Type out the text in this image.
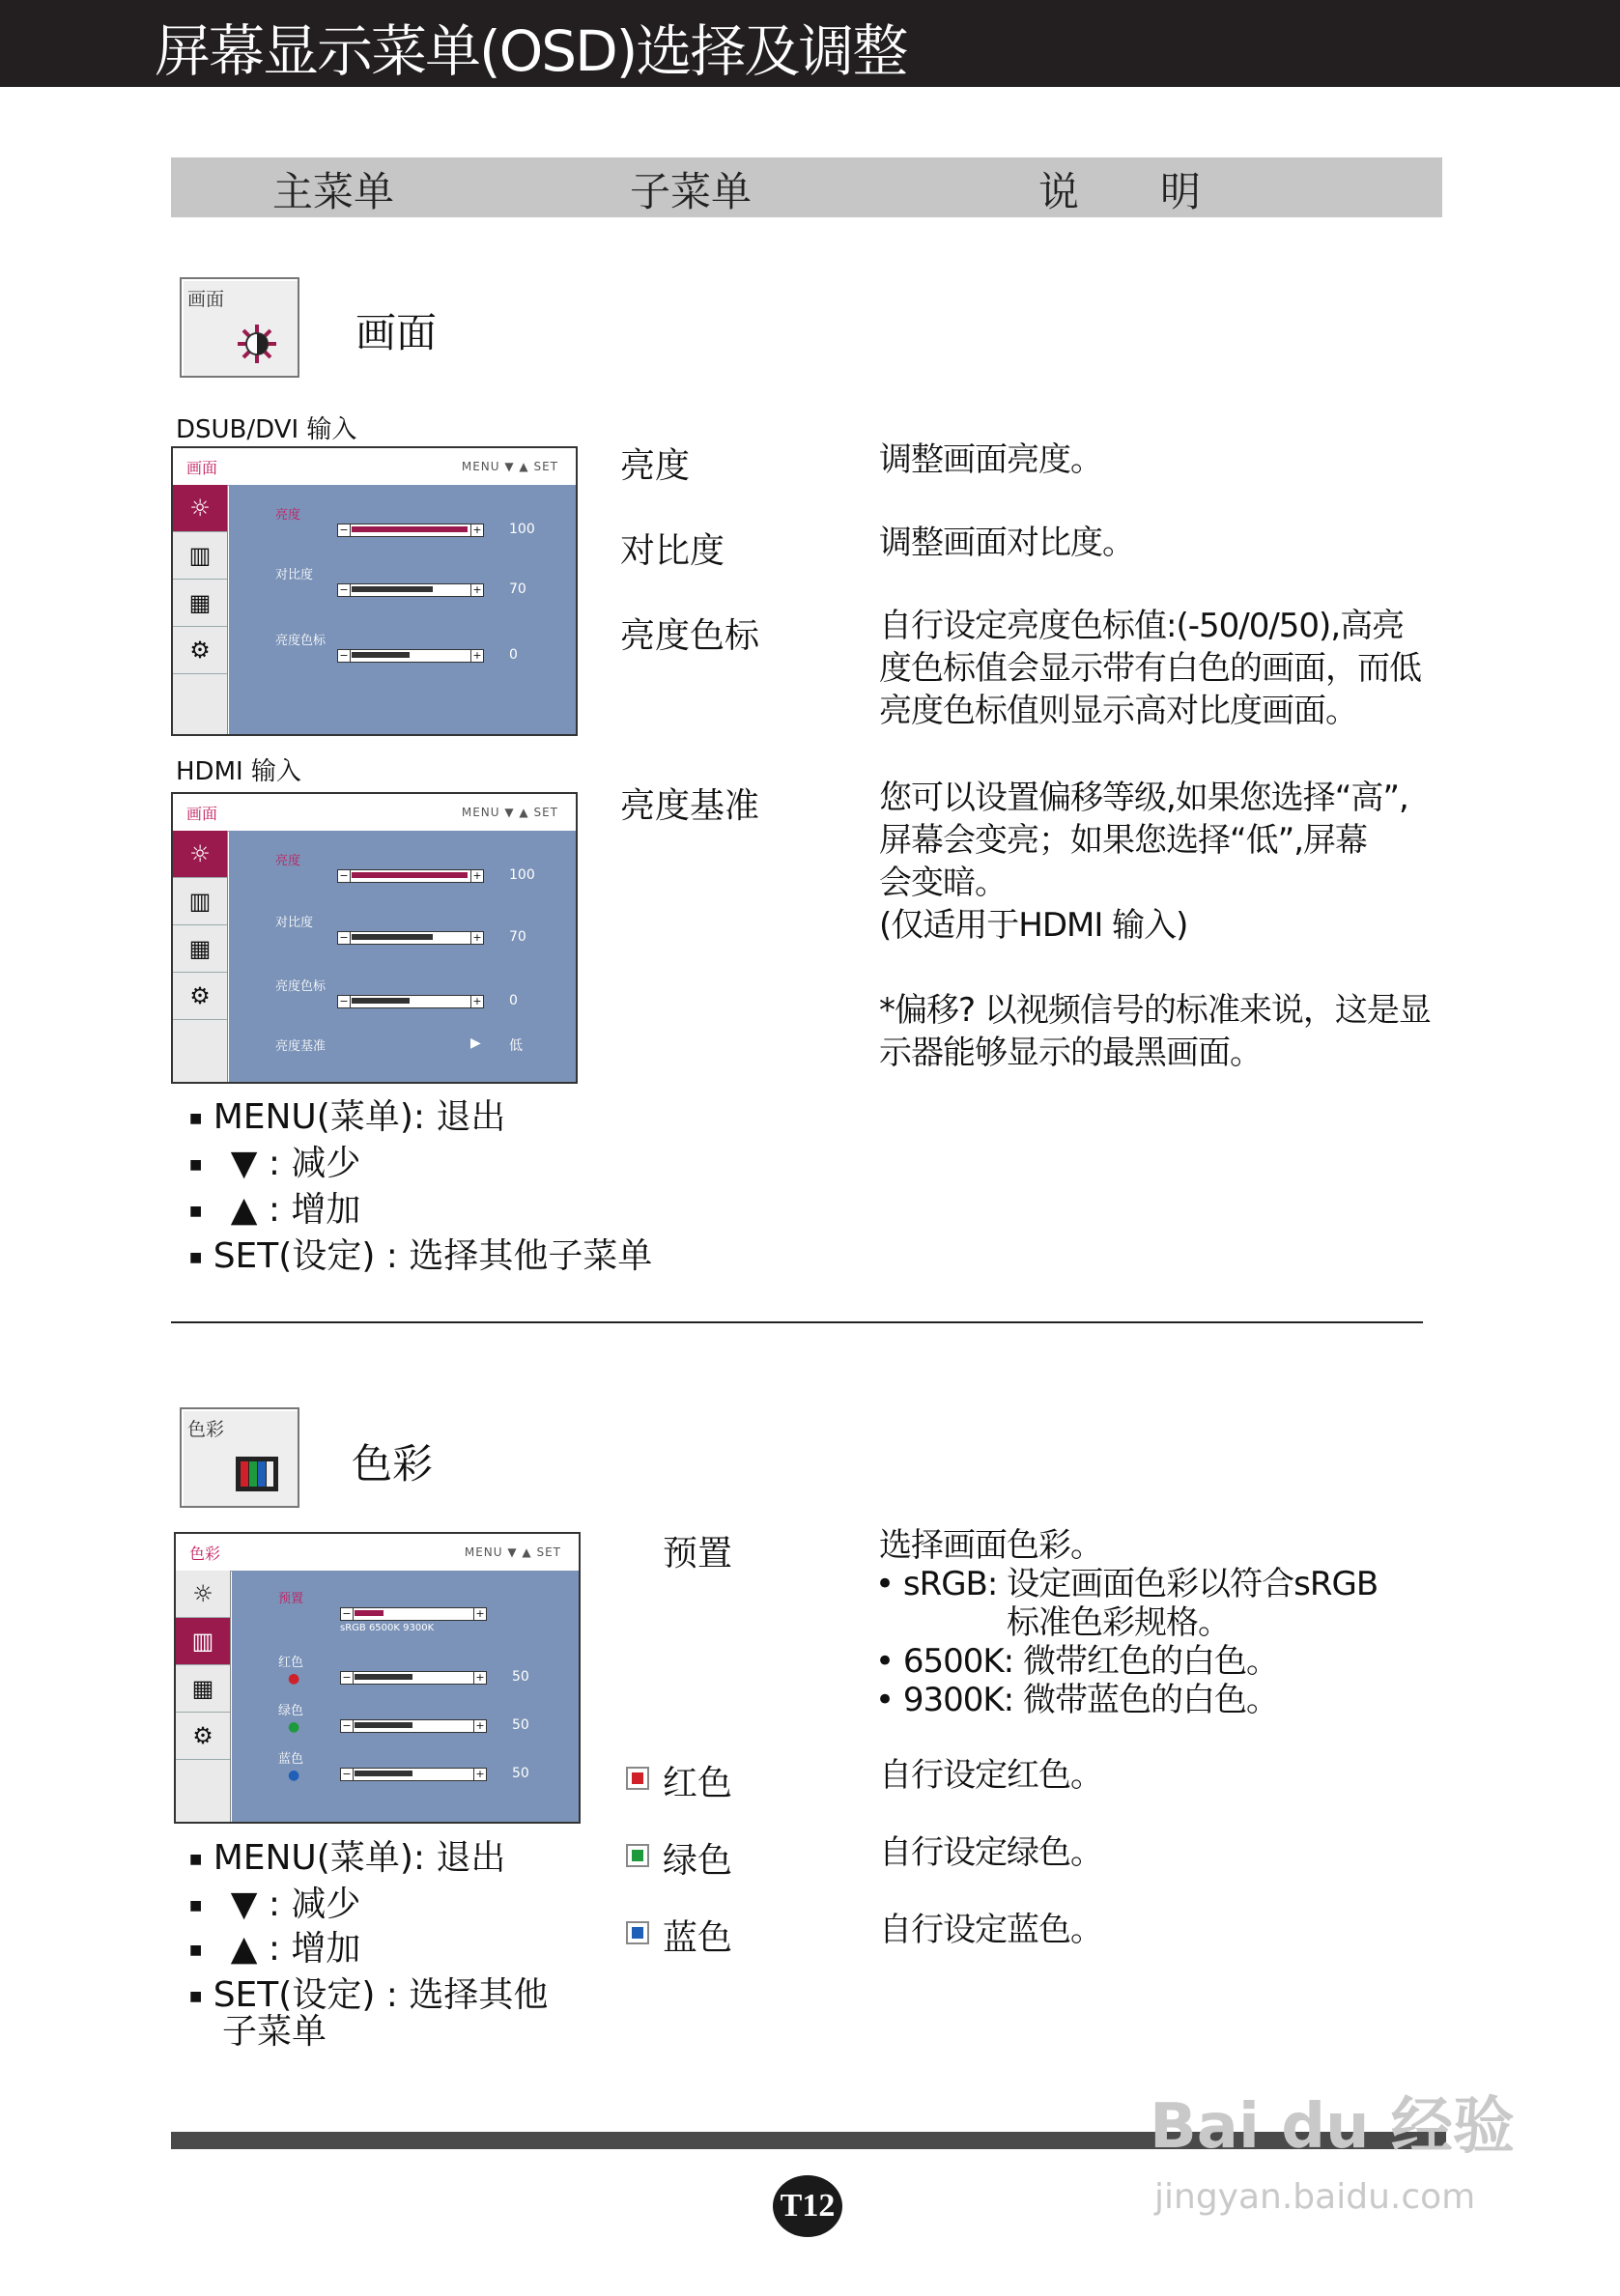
屏幕显示菜单(OSD)选择及调整
主菜单	子菜单	说　　明
画面
画面
DSUB/DVI 输入
画面	MENU ▼ ▲ SET
☼
▥
▦
⚙
亮度
−	+ 100
对比度
−	+ 70
亮度色标
−	+ 0
HDMI 输入
画面	MENU ▼ ▲ SET
☼
▥
▦
⚙
亮度
−	+ 100
对比度
−	+ 70
亮度色标
−	+ 0
亮度基准	▶ 低
亮度	调整画面亮度。
对比度	调整画面对比度。
亮度色标	自行设定亮度色标值:(-50/0/50),高亮
度色标值会显示带有白色的画面，而低
亮度色标值则显示高对比度画面。
亮度基准	您可以设置偏移等级,如果您选择“高”,
屏幕会变亮；如果您选择“低”,屏幕
会变暗。
(仅适用于HDMI 输入)
*偏移? 以视频信号的标准来说，这是显
示器能够显示的最黑画面。
■ MENU(菜单): 退出
■ ▼ : 减少
■ ▲ : 增加
■ SET(设定) : 选择其他子菜单
色彩
色彩
色彩	MENU ▼ ▲ SET
☼
▥
▦
⚙
预置
−	+
sRGB 6500K 9300K
红色
●	−	+ 50
绿色
●	−	+ 50
蓝色
●	−	+ 50
预置	选择画面色彩。
• sRGB: 设定画面色彩以符合sRGB
标准色彩规格。
• 6500K: 微带红色的白色。
• 9300K: 微带蓝色的白色。
红色	自行设定红色。
绿色	自行设定绿色。
蓝色	自行设定蓝色。
■ MENU(菜单): 退出
■ ▼ : 减少
■ ▲ : 增加
■ SET(设定) : 选择其他
子菜单
T12
Bai du 经验
jingyan.baidu.com
